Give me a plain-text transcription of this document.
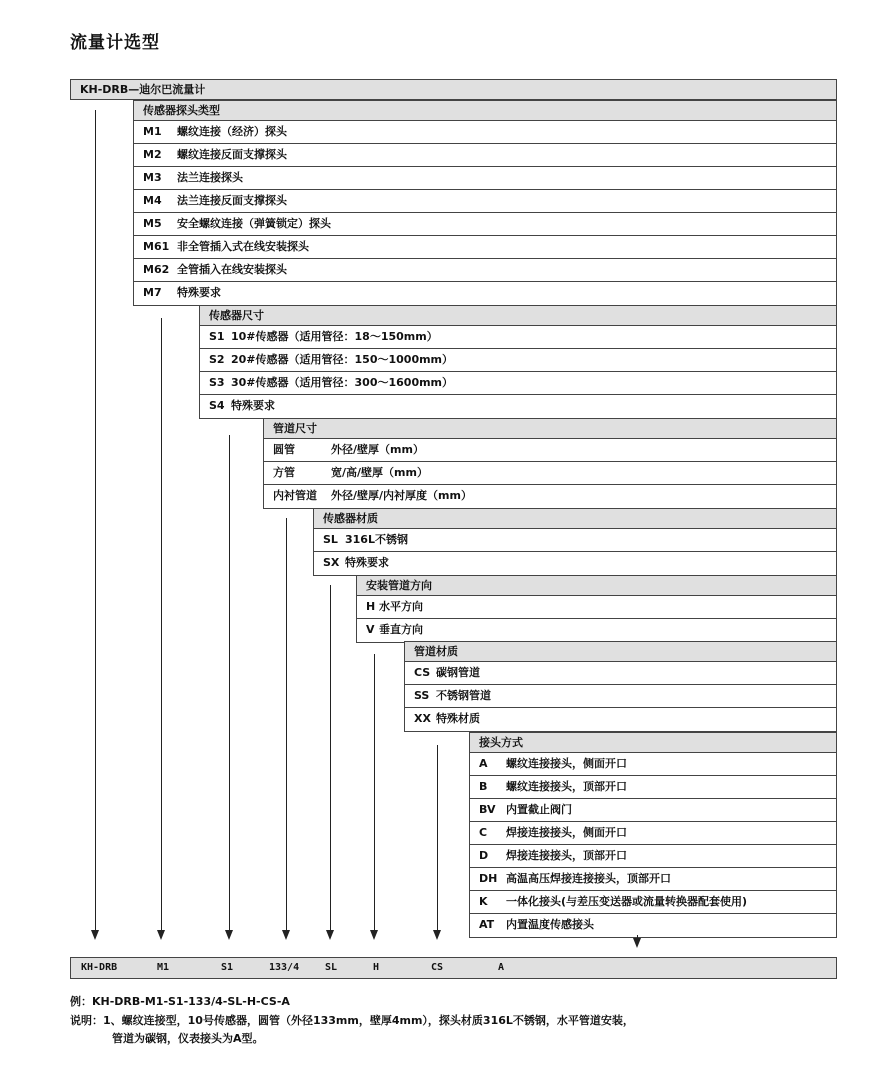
流量计选型
KH-DRB—迪尔巴流量计
传感器探头类型
M1 螺纹连接（经济）探头
M2 螺纹连接反面支撑探头
M3 法兰连接探头
M4 法兰连接反面支撑探头
M5 安全螺纹连接（弹簧锁定）探头
M61 非全管插入式在线安装探头
M62 全管插入在线安装探头
M7 特殊要求
传感器尺寸
S1 10#传感器（适用管径：18～150mm）
S2 20#传感器（适用管径：150～1000mm）
S3 30#传感器（适用管径：300～1600mm）
S4 特殊要求
管道尺寸
圆管	外径/壁厚（mm）
方管	宽/高/壁厚（mm）
内衬管道 外径/壁厚/内衬厚度（mm）
传感器材质
SL 316L不锈钢
SX 特殊要求
安装管道方向
H 水平方向
V 垂直方向
管道材质
CS 碳钢管道
SS 不锈钢管道
XX 特殊材质
接头方式
A 螺纹连接接头，侧面开口
B 螺纹连接接头，顶部开口
BV 内置截止阀门
C 焊接连接接头，侧面开口
D 焊接连接接头，顶部开口
DH 高温高压焊接连接接头，顶部开口
K 一体化接头(与差压变送器或流量转换器配套使用)
AT 内置温度传感接头
KH-DRB	M1	S1	133/4	SL	H	CS	A
例：KH-DRB-M1-S1-133/4-SL-H-CS-A
说明：1、螺纹连接型，10号传感器，圆管（外径133mm，壁厚4mm），探头材质316L不锈钢，水平管道安装，
管道为碳钢，仪表接头为A型。
